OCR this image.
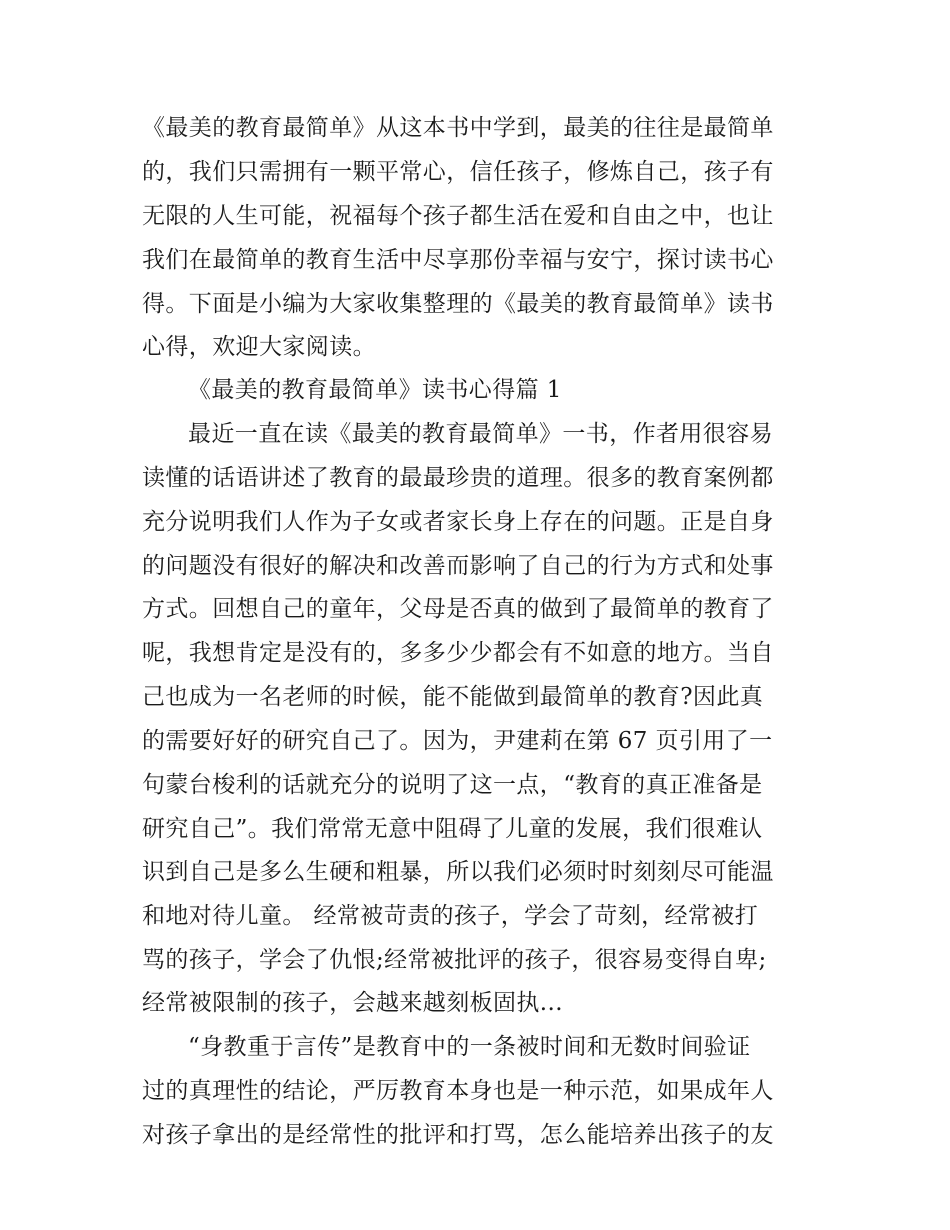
《最美的教育最简单》从这本书中学到，最美的往往是最简单
的，我们只需拥有一颗平常心，信任孩子，修炼自己，孩子有
无限的人生可能，祝福每个孩子都生活在爱和自由之中，也让
我们在最简单的教育生活中尽享那份幸福与安宁，探讨读书心
得。下面是小编为大家收集整理的《最美的教育最简单》读书
心得，欢迎大家阅读。
《最美的教育最简单》读书心得篇 1
最近一直在读《最美的教育最简单》一书，作者用很容易
读懂的话语讲述了教育的最最珍贵的道理。很多的教育案例都
充分说明我们人作为子女或者家长身上存在的问题。正是自身
的问题没有很好的解决和改善而影响了自己的行为方式和处事
方式。回想自己的童年，父母是否真的做到了最简单的教育了
呢，我想肯定是没有的，多多少少都会有不如意的地方。当自
己也成为一名老师的时候，能不能做到最简单的教育?因此真
的需要好好的研究自己了。因为，尹建莉在第 67 页引用了一
句蒙台梭利的话就充分的说明了这一点，“教育的真正准备是
研究自己”。我们常常无意中阻碍了儿童的发展，我们很难认
识到自己是多么生硬和粗暴，所以我们必须时时刻刻尽可能温
和地对待儿童。 经常被苛责的孩子，学会了苛刻，经常被打
骂的孩子，学会了仇恨;经常被批评的孩子，很容易变得自卑;
经常被限制的孩子，会越来越刻板固执...
“身教重于言传”是教育中的一条被时间和无数时间验证
过的真理性的结论，严厉教育本身也是一种示范，如果成年人
对孩子拿出的是经常性的批评和打骂，怎么能培养出孩子的友
